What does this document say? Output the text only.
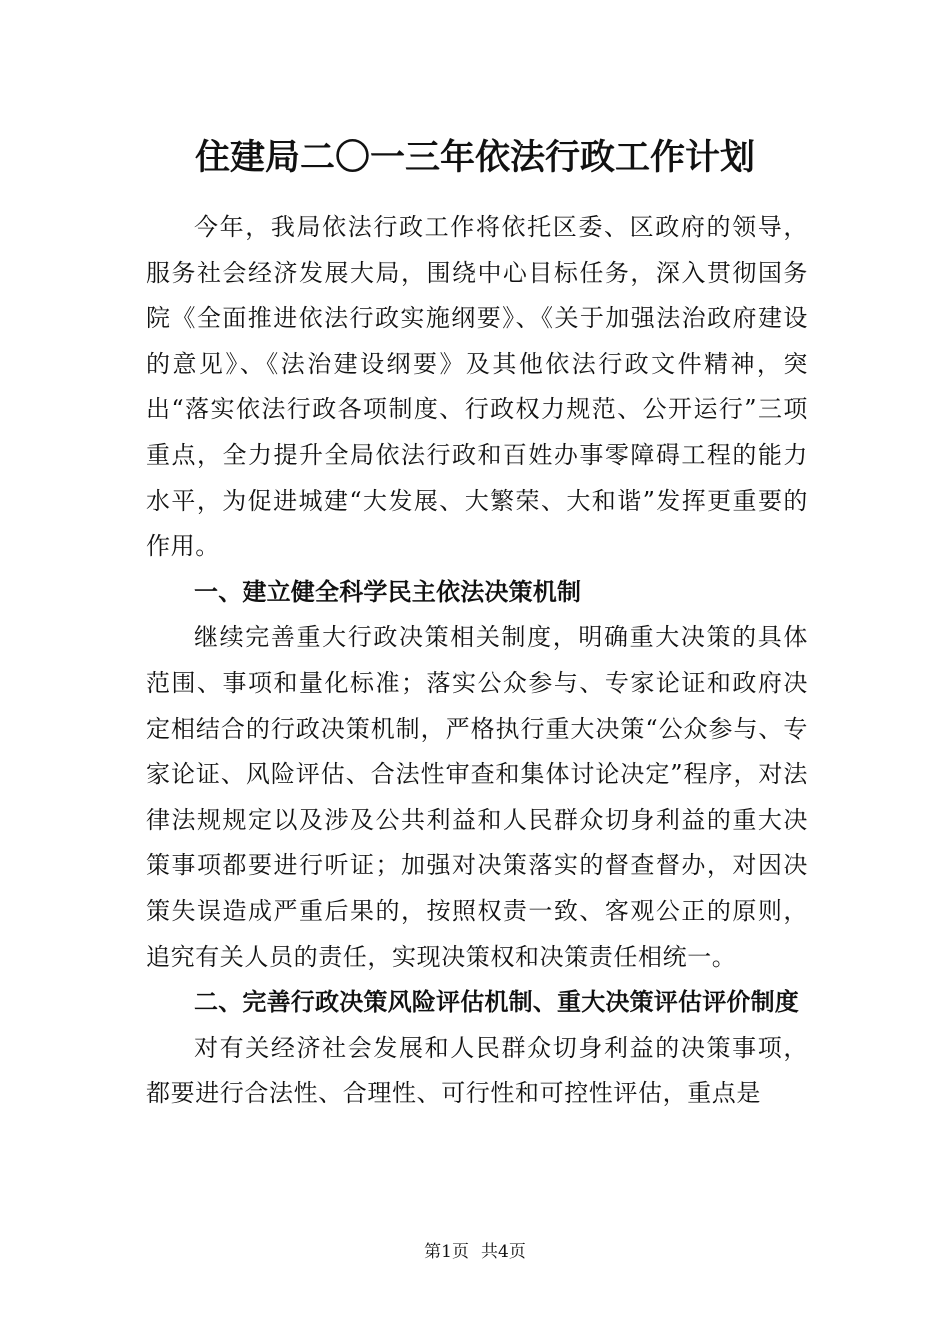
住建局二〇一三年依法行政工作计划

今年，我局依法行政工作将依托区委、区政府的领导，服务社会经济发展大局，围绕中心目标任务，深入贯彻国务院《全面推进依法行政实施纲要》、《关于加强法治政府建设的意见》、《法治建设纲要》及其他依法行政文件精神，突出“落实依法行政各项制度、行政权力规范、公开运行”三项重点，全力提升全局依法行政和百姓办事零障碍工程的能力水平，为促进城建“大发展、大繁荣、大和谐”发挥更重要的作用。

一、建立健全科学民主依法决策机制

继续完善重大行政决策相关制度，明确重大决策的具体范围、事项和量化标准；落实公众参与、专家论证和政府决定相结合的行政决策机制，严格执行重大决策“公众参与、专家论证、风险评估、合法性审查和集体讨论决定”程序，对法律法规规定以及涉及公共利益和人民群众切身利益的重大决策事项都要进行听证；加强对决策落实的督查督办，对因决策失误造成严重后果的，按照权责一致、客观公正的原则，追究有关人员的责任，实现决策权和决策责任相统一。

二、完善行政决策风险评估机制、重大决策评估评价制度

对有关经济社会发展和人民群众切身利益的决策事项，都要进行合法性、合理性、可行性和可控性评估，重点是

第1页 共4页
